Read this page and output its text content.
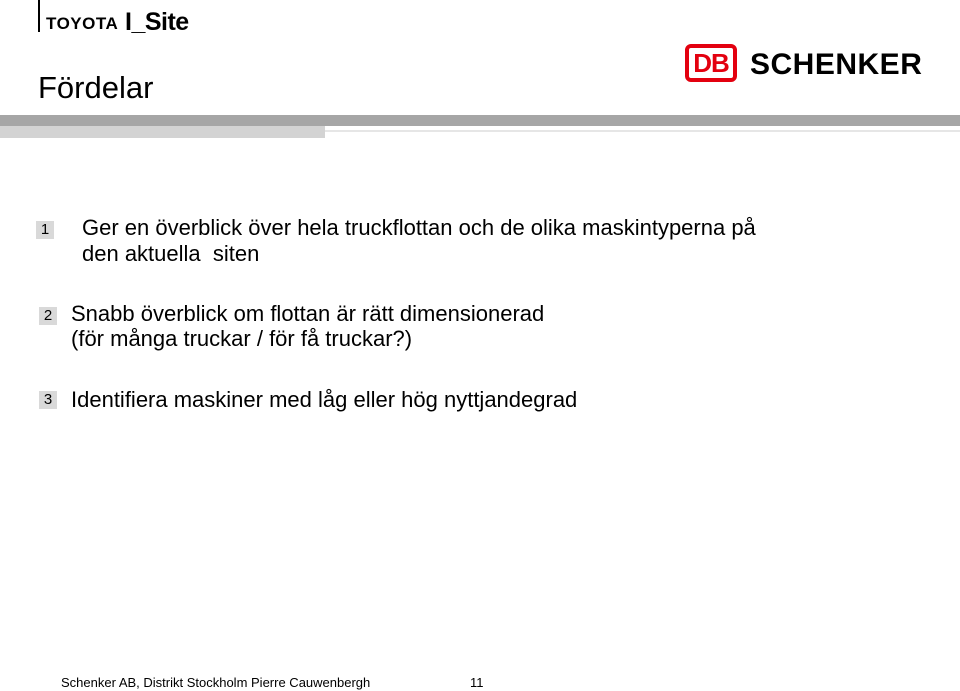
TOYOTA I_Site
DB SCHENKER
Fördelar
1 Ger en överblick över hela truckflottan och de olika maskintyperna på
den aktuella  siten
2 Snabb överblick om flottan är rätt dimensionerad
(för många truckar / för få truckar?)
3 Identifiera maskiner med låg eller hög nyttjandegrad
Schenker AB, Distrikt Stockholm Pierre Cauwenbergh	11
